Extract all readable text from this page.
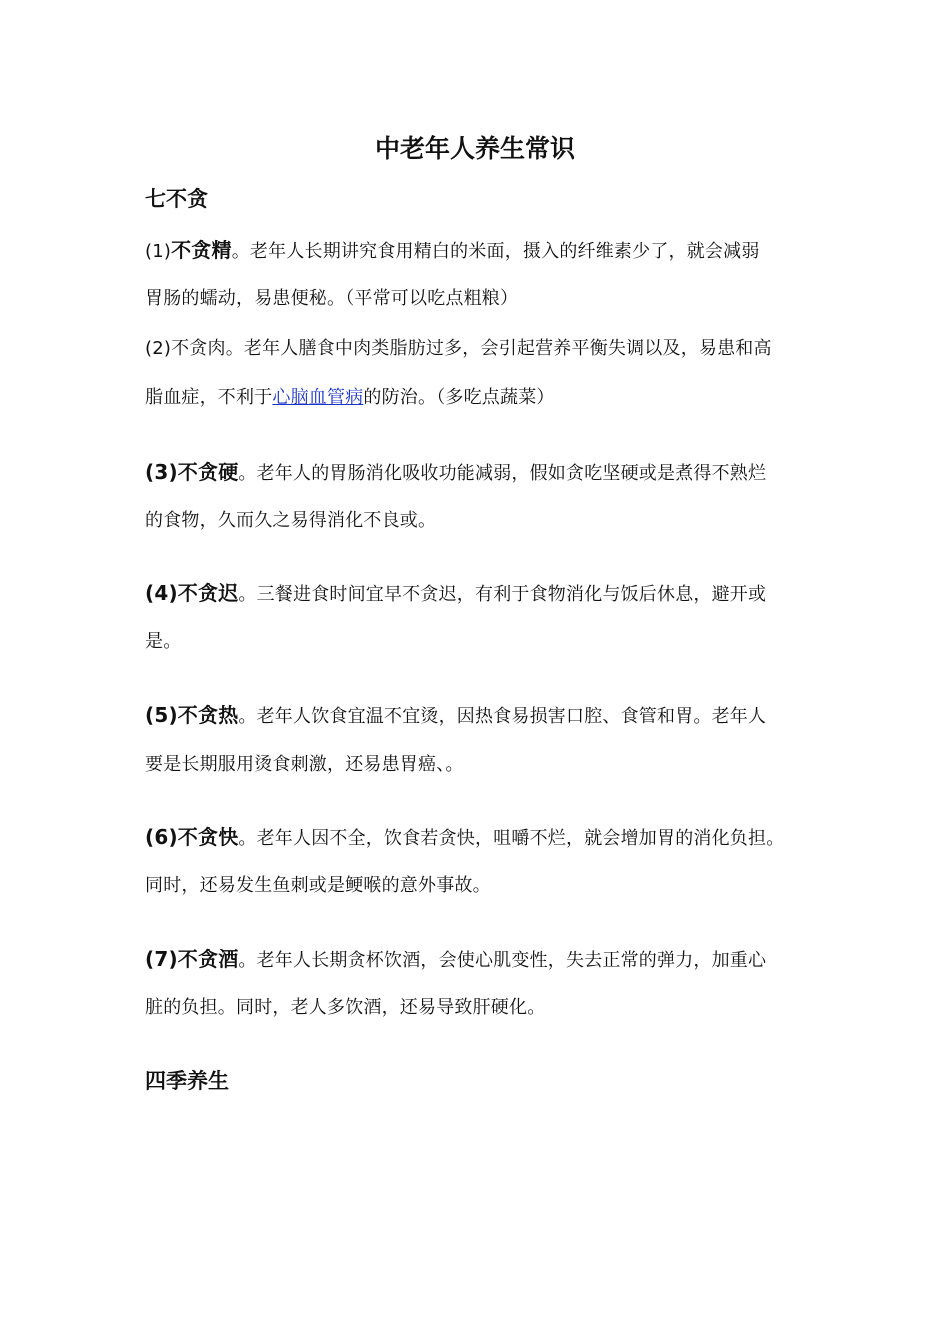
中老年人养生常识
七不贪
(1)不贪精。老年人长期讲究食用精白的米面，摄入的纤维素少了，就会减弱
胃肠的蠕动，易患便秘。（平常可以吃点粗粮）
(2)不贪肉。老年人膳食中肉类脂肪过多，会引起营养平衡失调以及，易患和高
脂血症，不利于心脑血管病的防治。（多吃点蔬菜）
(3)不贪硬。老年人的胃肠消化吸收功能减弱，假如贪吃坚硬或是煮得不熟烂
的食物，久而久之易得消化不良或。
(4)不贪迟。三餐进食时间宜早不贪迟，有利于食物消化与饭后休息，避开或
是。
(5)不贪热。老年人饮食宜温不宜烫，因热食易损害口腔、食管和胃。老年人
要是长期服用烫食刺激，还易患胃癌、。
(6)不贪快。老年人因不全，饮食若贪快，咀嚼不烂，就会增加胃的消化负担。
同时，还易发生鱼刺或是鲠喉的意外事故。
(7)不贪酒。老年人长期贪杯饮酒，会使心肌变性，失去正常的弹力，加重心
脏的负担。同时，老人多饮酒，还易导致肝硬化。
四季养生
